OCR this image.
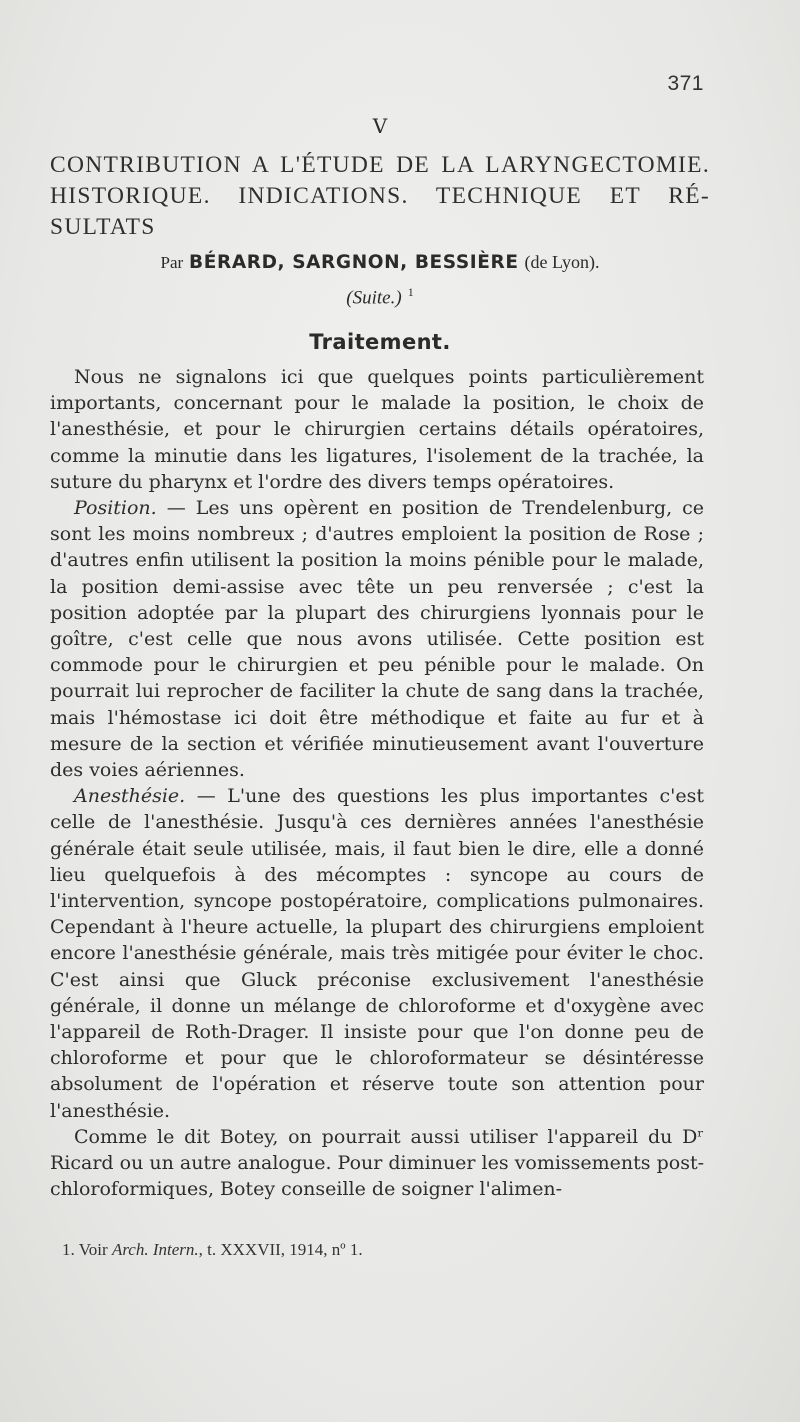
371
V
CONTRIBUTION A L'ÉTUDE DE LA LARYNGECTOMIE.
HISTORIQUE. INDICATIONS. TECHNIQUE ET RÉ-
SULTATS
Par BÉRARD, SARGNON, BESSIÈRE (de Lyon).
(Suite.) $^1$
Traitement.

Nous ne signalons ici que quelques points particulièrement importants, concernant pour le malade la position, le choix de l'anesthésie, et pour le chirurgien certains détails opératoires, comme la minutie dans les ligatures, l'isolement de la trachée, la suture du pharynx et l'ordre des divers temps opératoires.

Position. — Les uns opèrent en position de Trendelenburg, ce sont les moins nombreux ; d'autres emploient la position de Rose ; d'autres enfin utilisent la position la moins pénible pour le malade, la position demi-assise avec tête un peu renversée ; c'est la position adoptée par la plupart des chirurgiens lyonnais pour le goître, c'est celle que nous avons utilisée. Cette position est commode pour le chirurgien et peu pénible pour le malade. On pourrait lui reprocher de faciliter la chute de sang dans la trachée, mais l'hémostase ici doit être méthodique et faite au fur et à mesure de la section et vérifiée minutieusement avant l'ouverture des voies aériennes.

Anesthésie. — L'une des questions les plus importantes c'est celle de l'anesthésie. Jusqu'à ces dernières années l'anesthésie générale était seule utilisée, mais, il faut bien le dire, elle a donné lieu quelquefois à des mécomptes : syncope au cours de l'intervention, syncope postopératoire, complications pulmonaires. Cependant à l'heure actuelle, la plupart des chirurgiens emploient encore l'anesthésie générale, mais très mitigée pour éviter le choc. C'est ainsi que Gluck préconise exclusivement l'anesthésie générale, il donne un mélange de chloroforme et d'oxygène avec l'appareil de Roth-Drager. Il insiste pour que l'on donne peu de chloroforme et pour que le chloroformateur se désintéresse absolument de l'opération et réserve toute son attention pour l'anesthésie.

Comme le dit Botey, on pourrait aussi utiliser l'appareil du Dʳ Ricard ou un autre analogue. Pour diminuer les vomissements post-chloroformiques, Botey conseille de soigner l'alimen-

1. Voir Arch. Intern., t. XXXVII, 1914, nº 1.
